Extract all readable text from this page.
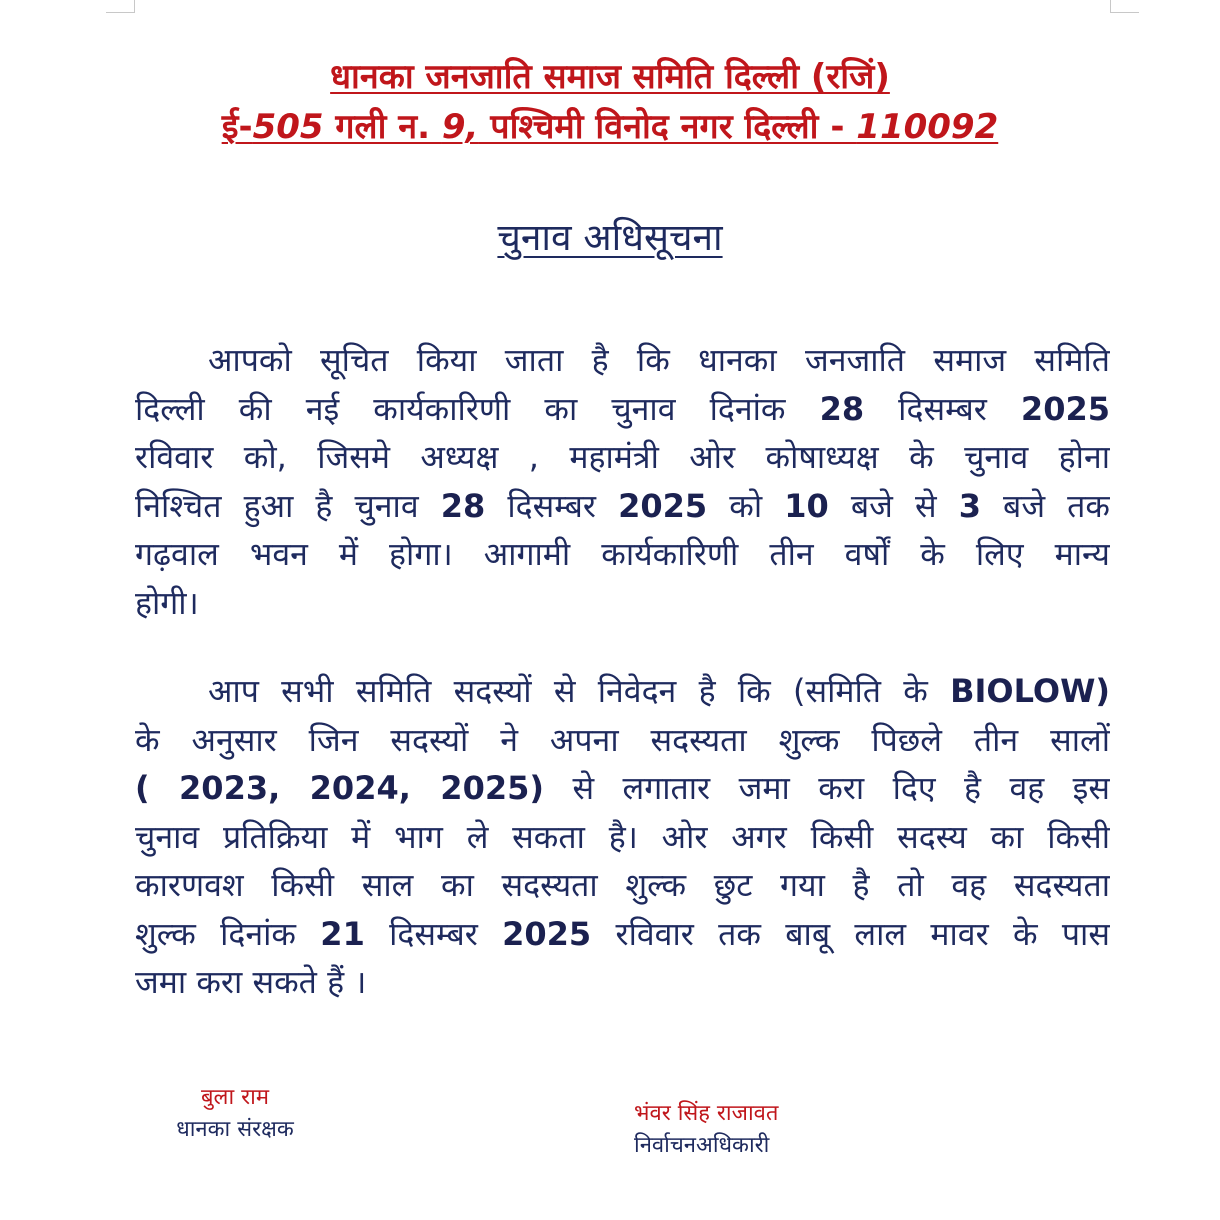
धानका जनजाति समाज समिति दिल्ली (रजिं)
ई-505 गली न. 9, पश्चिमी विनोद नगर दिल्ली - 110092
चुनाव अधिसूचना
आपको सूचित किया जाता है कि धानका जनजाति समाज समिति
दिल्ली की नई कार्यकारिणी का चुनाव दिनांक 28 दिसम्बर 2025
रविवार को, जिसमे अध्यक्ष , महामंत्री ओर कोषाध्यक्ष के चुनाव होना
निश्चित हुआ है चुनाव 28 दिसम्बर 2025 को 10 बजे से 3 बजे तक
गढ़वाल भवन में होगा। आगामी कार्यकारिणी तीन वर्षों के लिए मान्य
होगी।
आप सभी समिति सदस्यों से निवेदन है कि (समिति के BIOLOW)
के अनुसार जिन सदस्यों ने अपना सदस्यता शुल्क पिछले तीन सालों
( 2023, 2024, 2025) से लगातार जमा करा दिए है वह इस
चुनाव प्रतिक्रिया में भाग ले सकता है। ओर अगर किसी सदस्य का किसी
कारणवश किसी साल का सदस्यता शुल्क छुट गया है तो वह सदस्यता
शुल्क दिनांक 21 दिसम्बर 2025 रविवार तक बाबू लाल मावर के पास
जमा करा सकते हैं ।
बुला राम
धानका संरक्षक
भंवर सिंह राजावत
निर्वाचनअधिकारी
